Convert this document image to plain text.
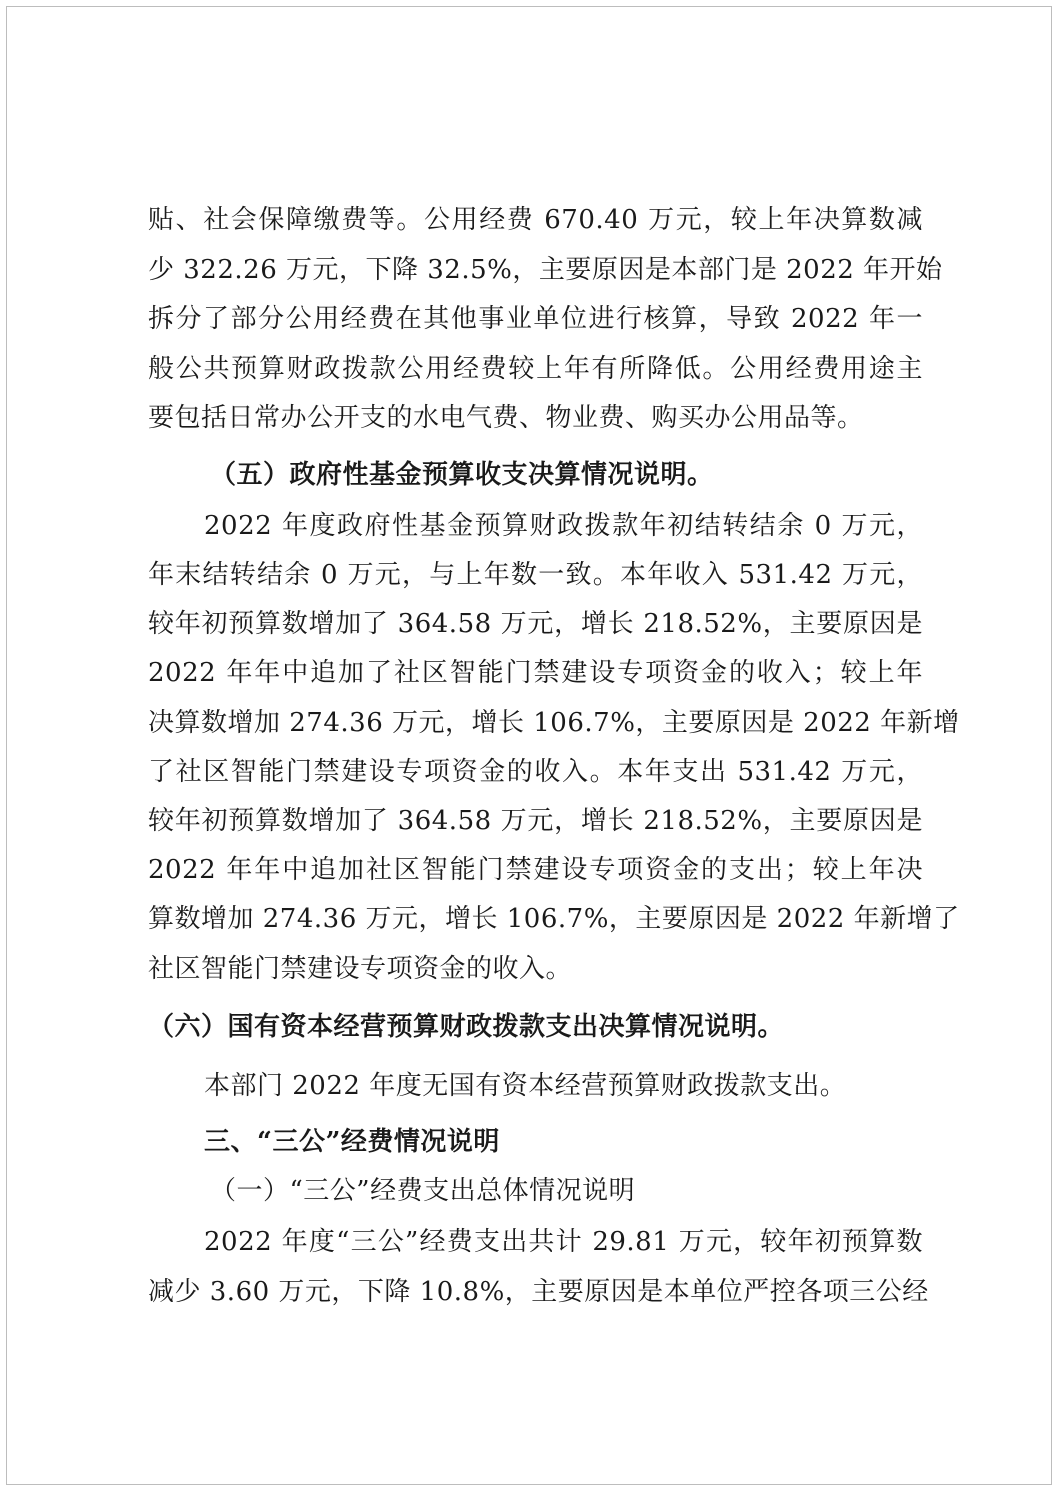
贴、社会保障缴费等。公用经费 670.40 万元，较上年决算数减
少 322.26 万元，下降 32.5%，主要原因是本部门是 2022 年开始
拆分了部分公用经费在其他事业单位进行核算，导致 2022 年一
般公共预算财政拨款公用经费较上年有所降低。公用经费用途主
要包括日常办公开支的水电气费、物业费、购买办公用品等。
（五）政府性基金预算收支决算情况说明。
2022 年度政府性基金预算财政拨款年初结转结余 0 万元，
年末结转结余 0 万元，与上年数一致。本年收入 531.42 万元，
较年初预算数增加了 364.58 万元，增长 218.52%，主要原因是
2022 年年中追加了社区智能门禁建设专项资金的收入；较上年
决算数增加 274.36 万元，增长 106.7%，主要原因是 2022 年新增
了社区智能门禁建设专项资金的收入。本年支出 531.42 万元，
较年初预算数增加了 364.58 万元，增长 218.52%，主要原因是
2022 年年中追加社区智能门禁建设专项资金的支出；较上年决
算数增加 274.36 万元，增长 106.7%，主要原因是 2022 年新增了
社区智能门禁建设专项资金的收入。
（六）国有资本经营预算财政拨款支出决算情况说明。
本部门 2022 年度无国有资本经营预算财政拨款支出。
三、“三公”经费情况说明
（一）“三公”经费支出总体情况说明
2022 年度“三公”经费支出共计 29.81 万元，较年初预算数
减少 3.60 万元，下降 10.8%，主要原因是本单位严控各项三公经
